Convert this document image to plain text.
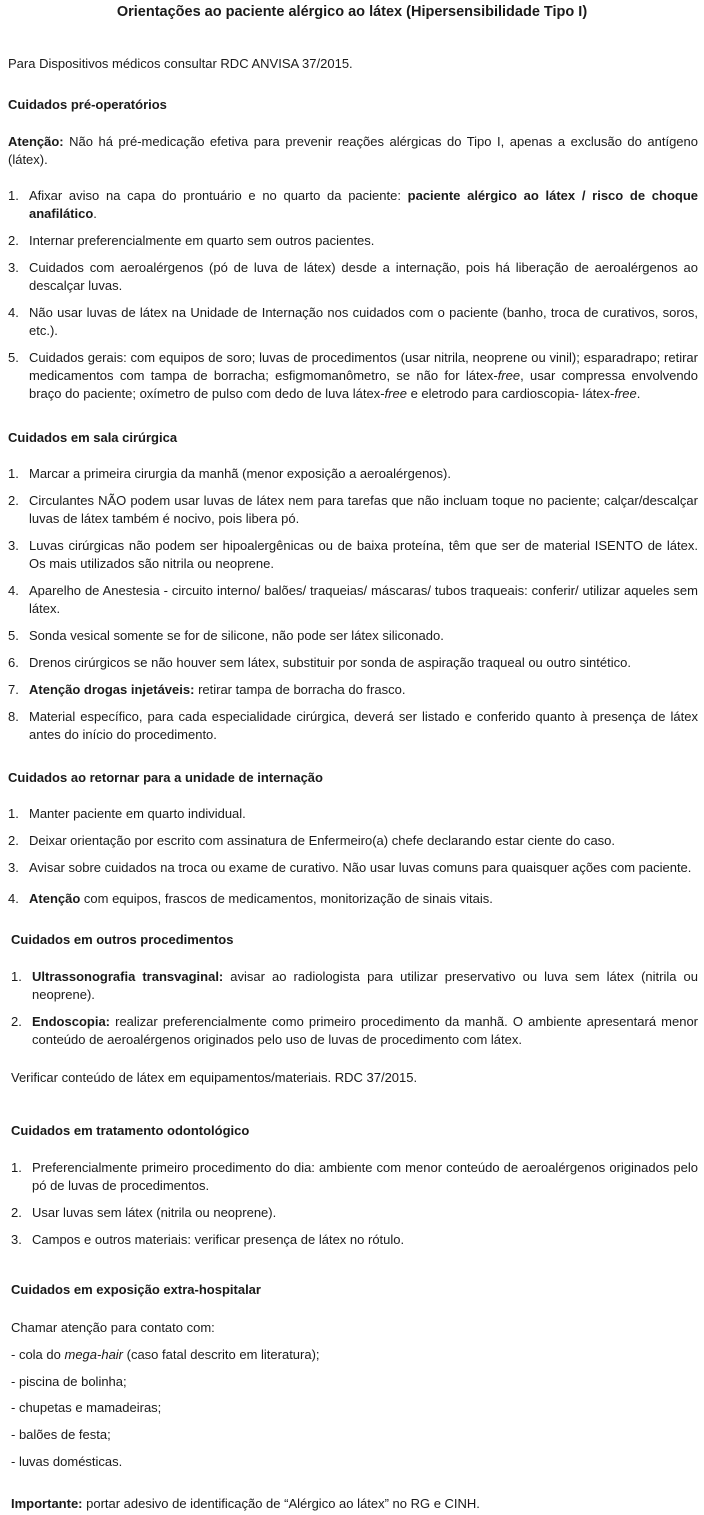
Orientações ao paciente alérgico ao látex (Hipersensibilidade Tipo I)
Para Dispositivos médicos consultar RDC ANVISA 37/2015.
Cuidados pré-operatórios
Atenção: Não há pré-medicação efetiva para prevenir reações alérgicas do Tipo I, apenas a exclusão do antígeno (látex).
1. Afixar aviso na capa do prontuário e no quarto da paciente: paciente alérgico ao látex / risco de choque anafilático.
2. Internar preferencialmente em quarto sem outros pacientes.
3. Cuidados com aeroalérgenos (pó de luva de látex) desde a internação, pois há liberação de aeroalérgenos ao descalçar luvas.
4. Não usar luvas de látex na Unidade de Internação nos cuidados com o paciente (banho, troca de curativos, soros, etc.).
5. Cuidados gerais: com equipos de soro; luvas de procedimentos (usar nitrila, neoprene ou vinil); esparadrapo; retirar medicamentos com tampa de borracha; esfigmomanômetro, se não for látex-free, usar compressa envolvendo braço do paciente; oxímetro de pulso com dedo de luva látex-free e eletrodo para cardioscopia- látex-free.
Cuidados em sala cirúrgica
1. Marcar a primeira cirurgia da manhã (menor exposição a aeroalérgenos).
2. Circulantes NÃO podem usar luvas de látex nem para tarefas que não incluam toque no paciente; calçar/descalçar luvas de látex também é nocivo, pois libera pó.
3. Luvas cirúrgicas não podem ser hipoalergênicas ou de baixa proteína, têm que ser de material ISENTO de látex. Os mais utilizados são nitrila ou neoprene.
4. Aparelho de Anestesia - circuito interno/ balões/ traqueias/ máscaras/ tubos traqueais: conferir/ utilizar aqueles sem látex.
5. Sonda vesical somente se for de silicone, não pode ser látex siliconado.
6. Drenos cirúrgicos se não houver sem látex, substituir por sonda de aspiração traqueal ou outro sintético.
7. Atenção drogas injetáveis: retirar tampa de borracha do frasco.
8. Material específico, para cada especialidade cirúrgica, deverá ser listado e conferido quanto à presença de látex antes do início do procedimento.
Cuidados ao retornar para a unidade de internação
1. Manter paciente em quarto individual.
2. Deixar orientação por escrito com assinatura de Enfermeiro(a) chefe declarando estar ciente do caso.
3. Avisar sobre cuidados na troca ou exame de curativo. Não usar luvas comuns para quaisquer ações com paciente.
4. Atenção com equipos, frascos de medicamentos, monitorização de sinais vitais.
Cuidados em outros procedimentos
1. Ultrassonografia transvaginal: avisar ao radiologista para utilizar preservativo ou luva sem látex (nitrila ou neoprene).
2. Endoscopia: realizar preferencialmente como primeiro procedimento da manhã. O ambiente apresentará menor conteúdo de aeroalérgenos originados pelo uso de luvas de procedimento com látex.
Verificar conteúdo de látex em equipamentos/materiais. RDC 37/2015.
Cuidados em tratamento odontológico
1. Preferencialmente primeiro procedimento do dia: ambiente com menor conteúdo de aeroalérgenos originados pelo pó de luvas de procedimentos.
2. Usar luvas sem látex (nitrila ou neoprene).
3. Campos e outros materiais: verificar presença de látex no rótulo.
Cuidados em exposição extra-hospitalar
Chamar atenção para contato com:
- cola do mega-hair (caso fatal descrito em literatura);
- piscina de bolinha;
- chupetas e mamadeiras;
- balões de festa;
- luvas domésticas.
Importante: portar adesivo de identificação de “Alérgico ao látex” no RG e CINH.
